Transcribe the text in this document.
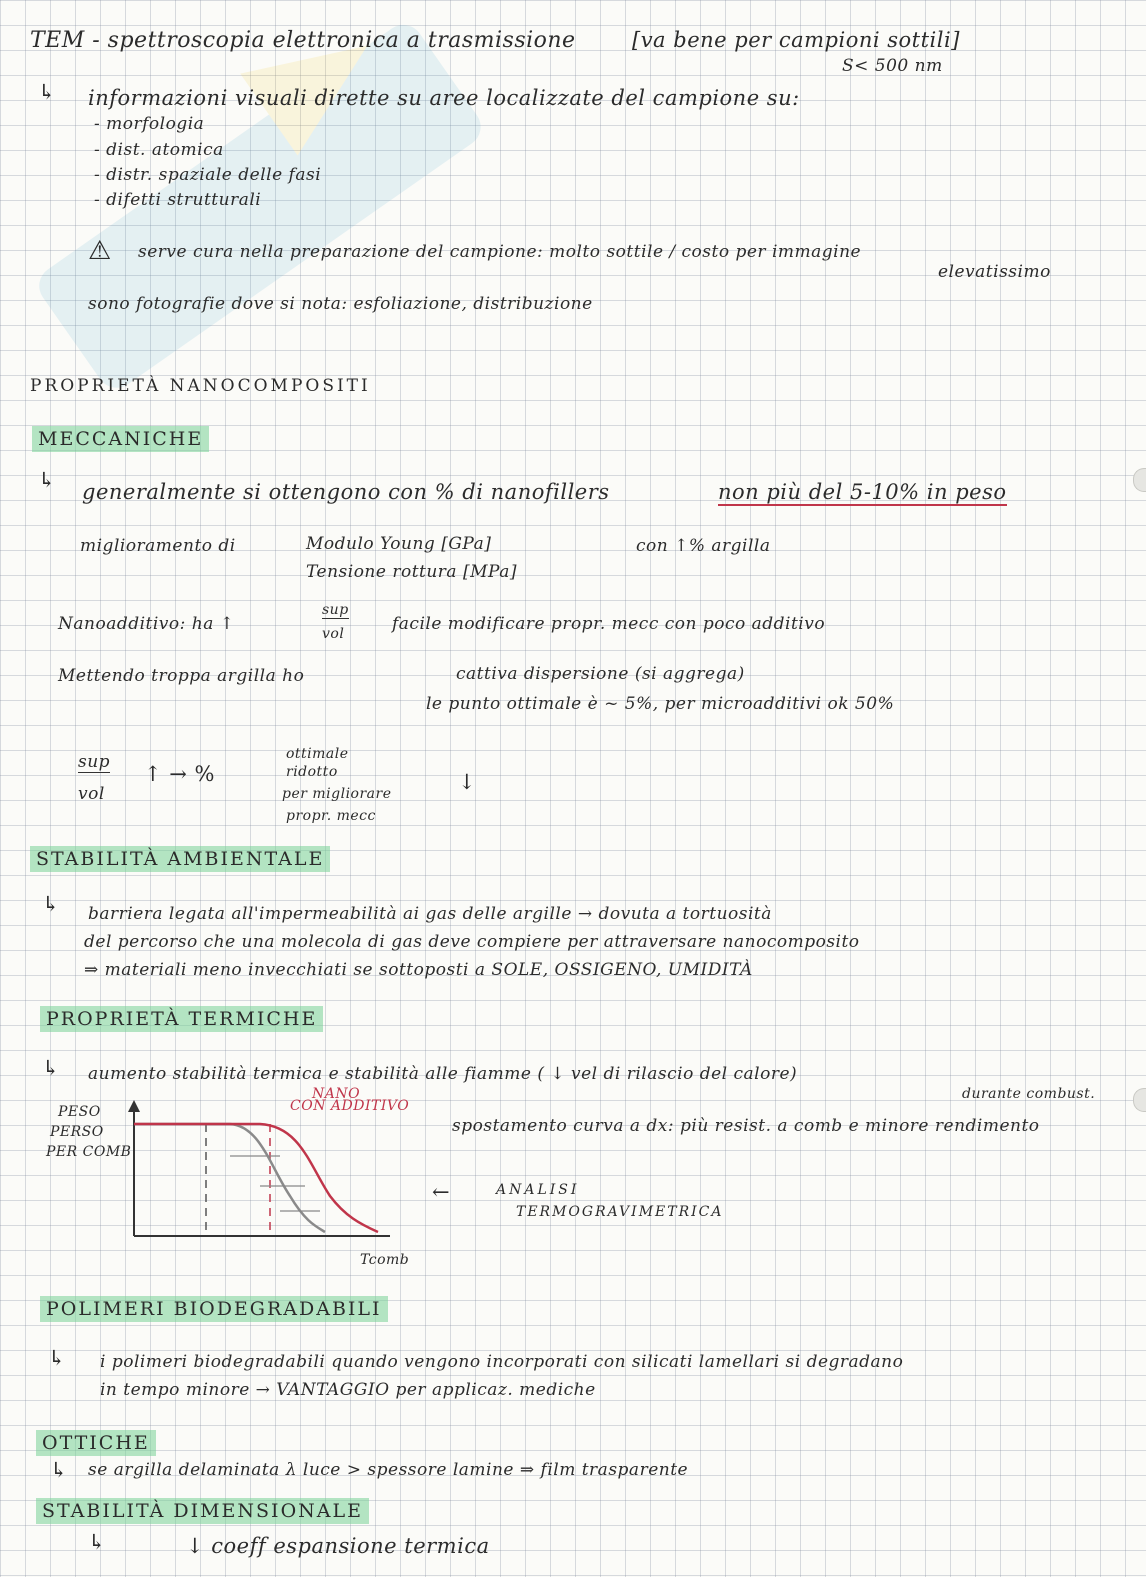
TEM - spettroscopia elettronica a trasmissione	[va bene per campioni sottili]
S< 500 nm
↳ informazioni visuali dirette su aree localizzate del campione su:
- morfologia
- dist. atomica
- distr. spaziale delle fasi
- difetti strutturali
⚠ serve cura nella preparazione del campione: molto sottile / costo per immagine
elevatissimo
sono fotografie dove si nota: esfoliazione, distribuzione
PROPRIETÀ NANOCOMPOSITI
MECCANICHE
↳ generalmente si ottengono con % di nanofillers	non più del 5-10% in peso
miglioramento di	Modulo Young [GPa]
Tensione rottura [MPa]
con ↑% argilla
Nanoadditivo: ha ↑
sup
vol	facile modificare propr. mecc con poco additivo
Mettendo troppa argilla ho	cattiva dispersione (si aggrega)
le punto ottimale è ~ 5%, per microadditivi ok 50%
sup
vol
↑ → %
ottimale
ridotto
per migliorare
propr. mecc
↓
STABILITÀ AMBIENTALE
↳ barriera legata all'impermeabilità ai gas delle argille → dovuta a tortuosità
del percorso che una molecola di gas deve compiere per attraversare nanocomposito
⇒ materiali meno invecchiati se sottoposti a SOLE, OSSIGENO, UMIDITÀ
PROPRIETÀ TERMICHE
↳ aumento stabilità termica e stabilità alle fiamme ( ↓ vel di rilascio del calore)
durante combust.
PESO
PERSO
PER COMB
NANO
CON ADDITIVO
spostamento curva a dx: più resist. a comb e minore rendimento
←	ANALISI
TERMOGRAVIMETRICA
Tcomb
POLIMERI BIODEGRADABILI
↳ i polimeri biodegradabili quando vengono incorporati con silicati lamellari si degradano
in tempo minore → VANTAGGIO per applicaz. mediche
OTTICHE
↳ se argilla delaminata λ luce > spessore lamine ⇒ film trasparente
STABILITÀ DIMENSIONALE
↳	↓ coeff espansione termica
